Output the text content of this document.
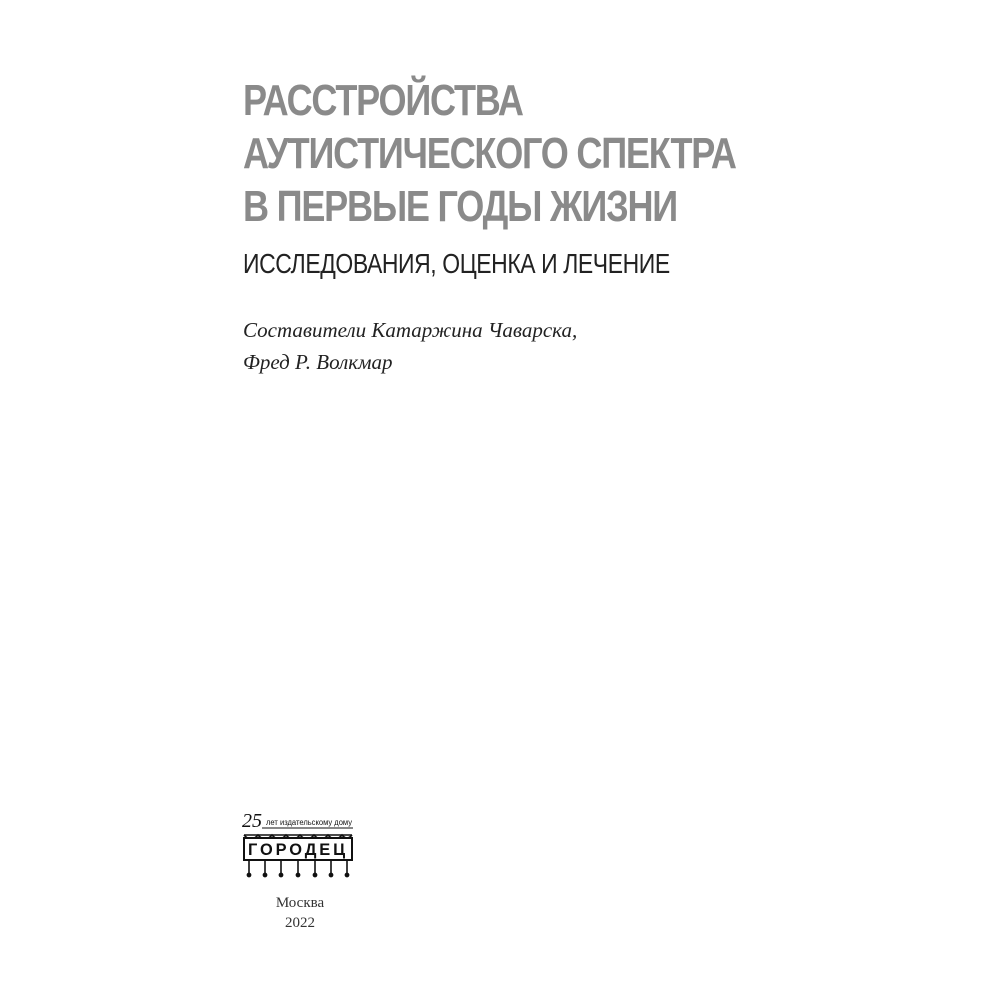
РАССТРОЙСТВА
АУТИСТИЧЕСКОГО СПЕКТРА
В ПЕРВЫЕ ГОДЫ ЖИЗНИ
ИССЛЕДОВАНИЯ, ОЦЕНКА И ЛЕЧЕНИЕ
Составители Катаржина Чаварска,
Фред Р. Волкмар
25 лет издательскому дому
ГОРОДЕЦ
Москва
2022
